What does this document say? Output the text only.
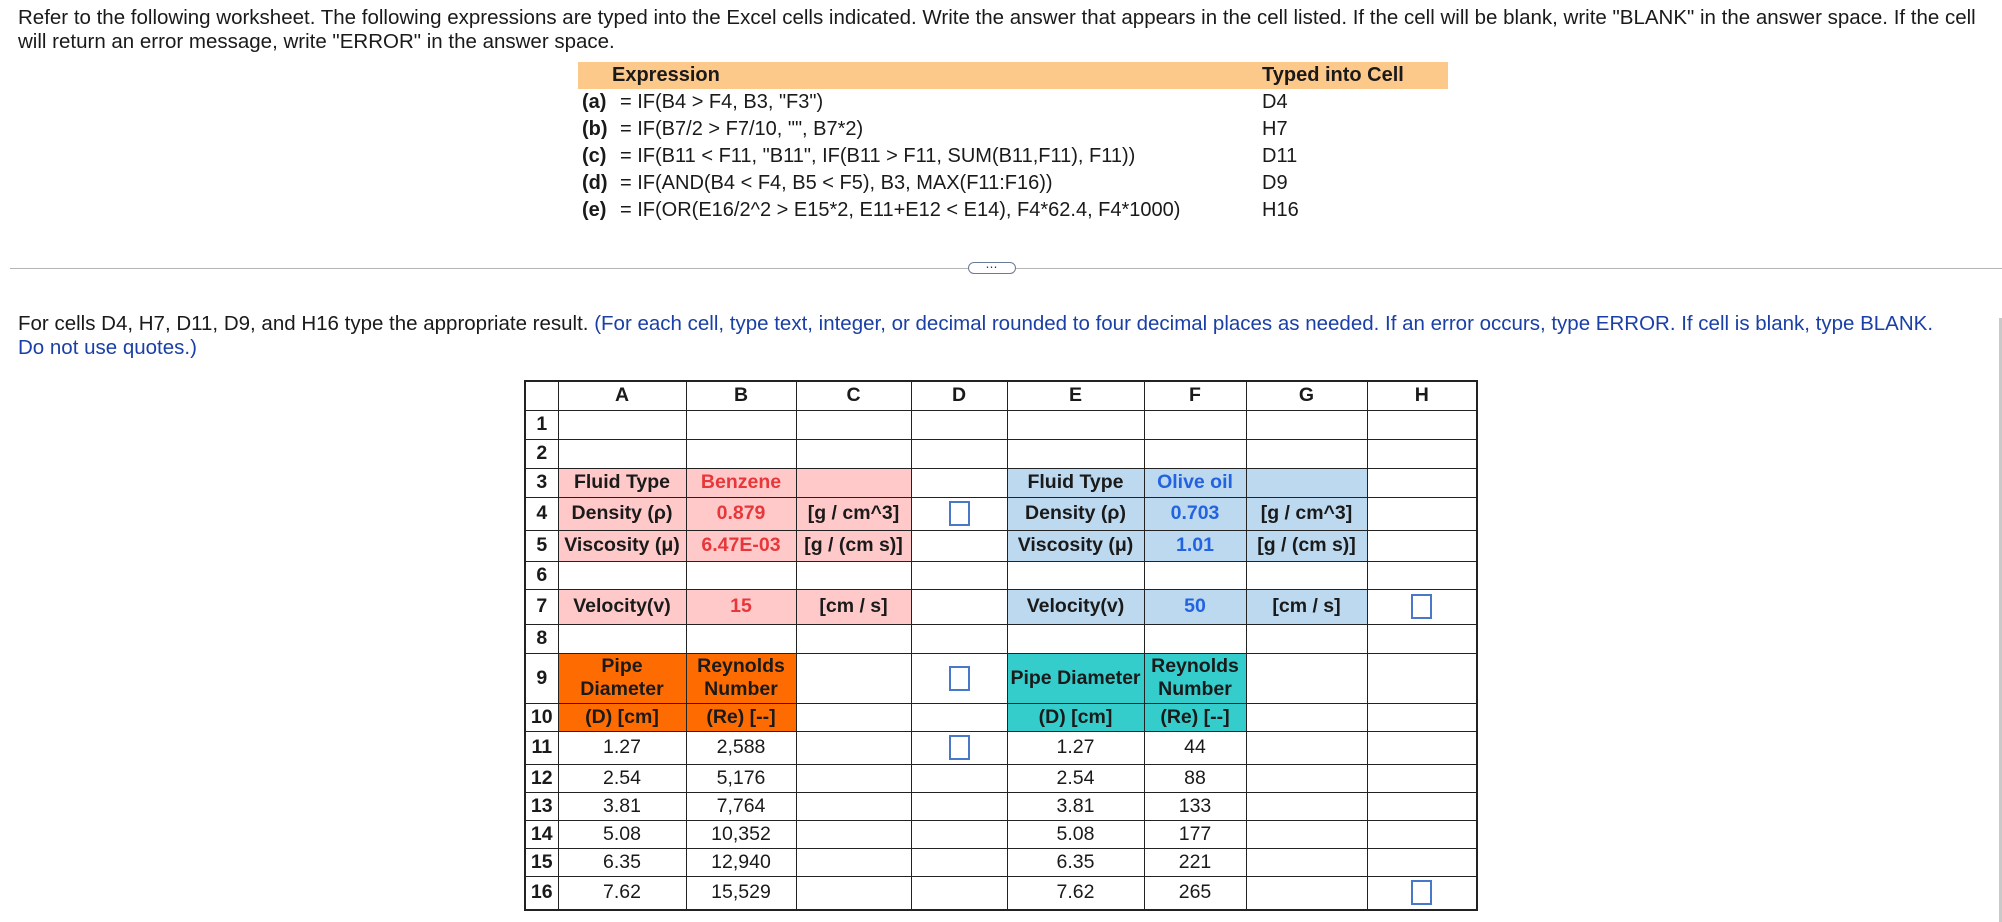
Refer to the following worksheet. The following expressions are typed into the Excel cells indicated. Write the answer that appears in the cell listed. If the cell will be blank, write "BLANK" in the answer space. If the cell will return an error message, write "ERROR" in the answer space.
Expression		Typed into Cell
(a)	= IF(B4 > F4, B3, "F3")	D4
(b)	= IF(B7/2 > F7/10, "", B7*2)	H7
(c)	= IF(B11 < F11, "B11", IF(B11 > F11, SUM(B11,F11), F11))	D11
(d)	= IF(AND(B4 < F4, B5 < F5), B3, MAX(F11:F16))	D9
(e)	= IF(OR(E16/2^2 > E15*2, E11+E12 < E14), F4*62.4, F4*1000)	H16
⋯
For cells D4, H7, D11, D9, and H16 type the appropriate result. (For each cell, type text, integer, or decimal rounded to four decimal places as needed. If an error occurs, type ERROR. If cell is blank, type BLANK. Do not use quotes.)
	A	B	C	D	E	F	G	H
1								
2								
3	Fluid Type	Benzene			Fluid Type	Olive oil		
4	Density (ρ)	0.879	[g / cm^3]		Density (ρ)	0.703	[g / cm^3]	
5	Viscosity (μ)	6.47E-03	[g / (cm s)]		Viscosity (μ)	1.01	[g / (cm s)]	
6								
7	Velocity(v)	15	[cm / s]		Velocity(v)	50	[cm / s]	
8								
9	Pipe Diameter	Reynolds Number			Pipe Diameter	Reynolds Number		
10	(D) [cm]	(Re) [--]			(D) [cm]	(Re) [--]		
11	1.27	2,588			1.27	44		
12	2.54	5,176			2.54	88		
13	3.81	7,764			3.81	133		
14	5.08	10,352			5.08	177		
15	6.35	12,940			6.35	221		
16	7.62	15,529			7.62	265		
